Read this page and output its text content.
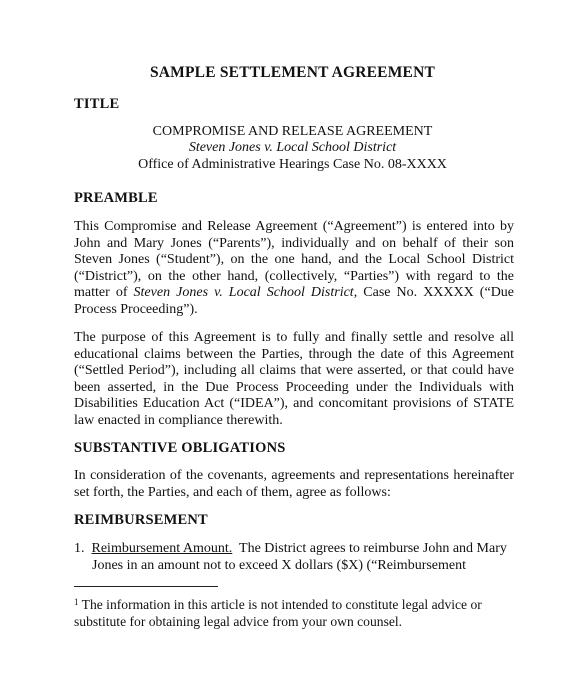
SAMPLE SETTLEMENT AGREEMENT
TITLE
COMPROMISE AND RELEASE AGREEMENT
Steven Jones v. Local School District
Office of Administrative Hearings Case No. 08-XXXX
PREAMBLE
This Compromise and Release Agreement (“Agreement”) is entered into by
John and Mary Jones (“Parents”), individually and on behalf of their son
Steven Jones (“Student”), on the one hand, and the Local School District
(“District”), on the other hand, (collectively, “Parties”) with regard to the
matter of Steven Jones v. Local School District, Case No. XXXXX (“Due
Process Proceeding”).
The purpose of this Agreement is to fully and finally settle and resolve all
educational claims between the Parties, through the date of this Agreement
(“Settled Period”), including all claims that were asserted, or that could have
been asserted, in the Due Process Proceeding under the Individuals with
Disabilities Education Act (“IDEA”), and concomitant provisions of STATE
law enacted in compliance therewith.
SUBSTANTIVE OBLIGATIONS
In consideration of the covenants, agreements and representations hereinafter
set forth, the Parties, and each of them, agree as follows:
REIMBURSEMENT
1. Reimbursement Amount. The District agrees to reimburse John and Mary
Jones in an amount not to exceed X dollars ($X) (“Reimbursement
$^1$ The information in this article is not intended to constitute legal advice or
substitute for obtaining legal advice from your own counsel.
